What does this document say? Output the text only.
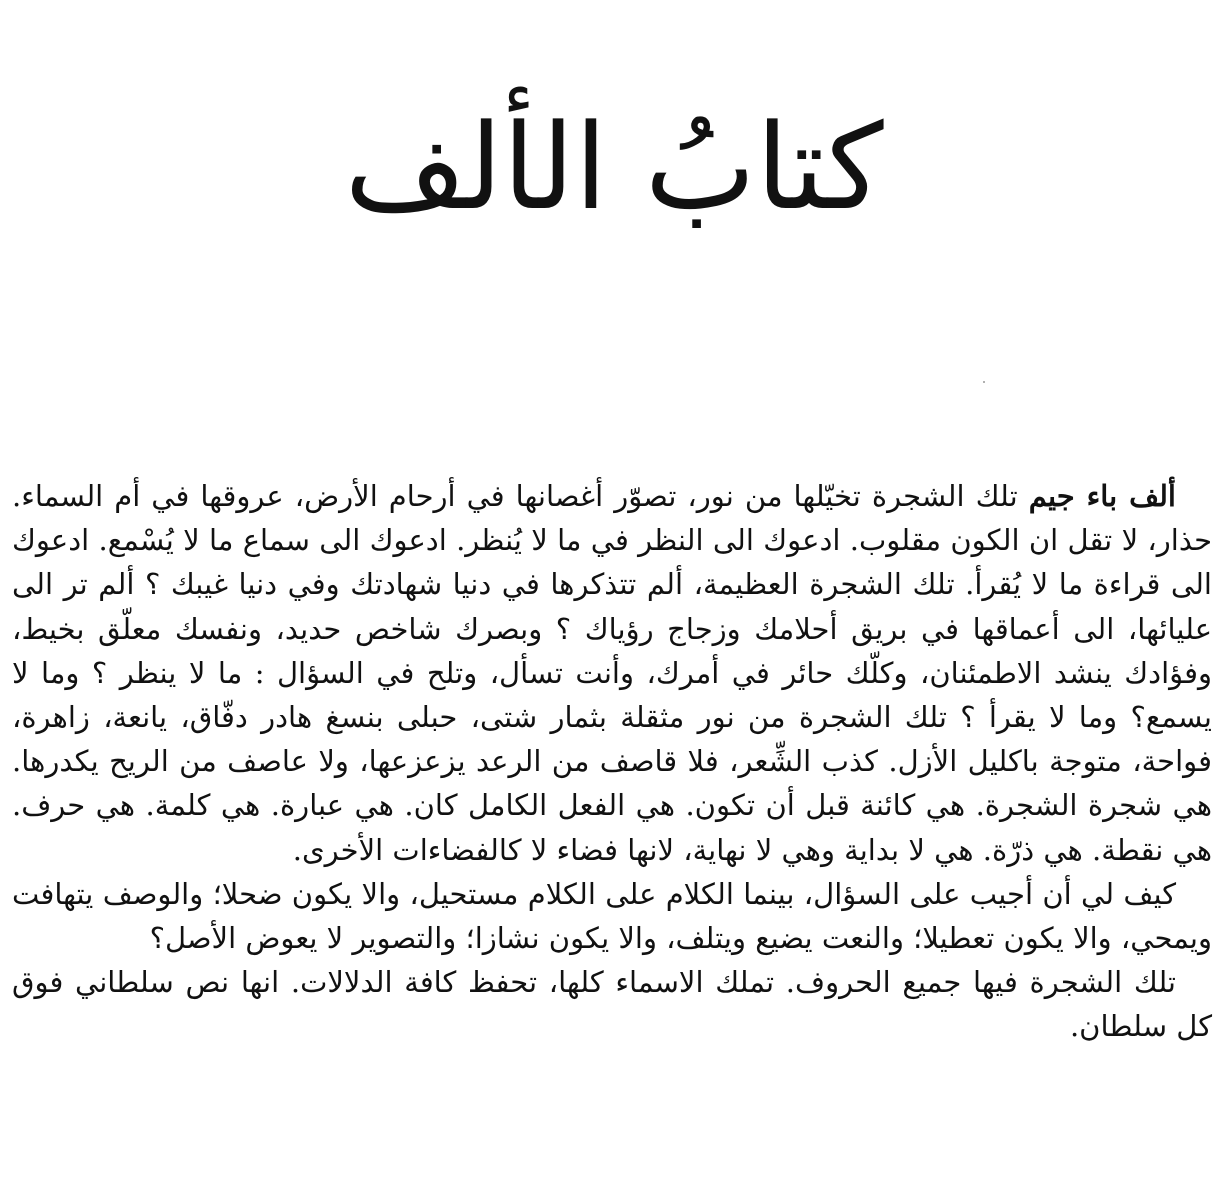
كتابُ الألف

ألف باء جيم تلك الشجرة تخيّلها من نور، تصوّر أغصانها في أرحام الأرض، عروقها في أم السماء. حذار، لا تقل ان الكون مقلوب. ادعوك الى النظر في ما لا يُنظر. ادعوك الى سماع ما لا يُسْمع. ادعوك الى قراءة ما لا يُقرأ. تلك الشجرة العظيمة، ألم تتذكرها في دنيا شهادتك وفي دنيا غيبك ؟ ألم تر الى عليائها، الى أعماقها في بريق أحلامك وزجاج رؤياك ؟ وبصرك شاخص حديد، ونفسك معلّق بخيط، وفؤادك ينشد الاطمئنان، وكلّك حائر في أمرك، وأنت تسأل، وتلح في السؤال : ما لا ينظر ؟ وما لا يسمع؟ وما لا يقرأ ؟ تلك الشجرة من نور مثقلة بثمار شتى، حبلى بنسغ هادر دفّاق، يانعة، زاهرة، فواحة، متوجة باكليل الأزل. كذب الشِّعر، فلا قاصف من الرعد يزعزعها، ولا عاصف من الريح يكدرها. هي شجرة الشجرة. هي كائنة قبل أن تكون. هي الفعل الكامل كان. هي عبارة. هي كلمة. هي حرف. هي نقطة. هي ذرّة. هي لا بداية وهي لا نهاية، لانها فضاء لا كالفضاءات الأخرى.

كيف لي أن أجيب على السؤال، بينما الكلام على الكلام مستحيل، والا يكون ضحلا؛ والوصف يتهافت ويمحي، والا يكون تعطيلا؛ والنعت يضيع ويتلف، والا يكون نشازا؛ والتصوير لا يعوض الأصل؟

تلك الشجرة فيها جميع الحروف. تملك الاسماء كلها، تحفظ كافة الدلالات. انها نص سلطاني فوق كل سلطان.
